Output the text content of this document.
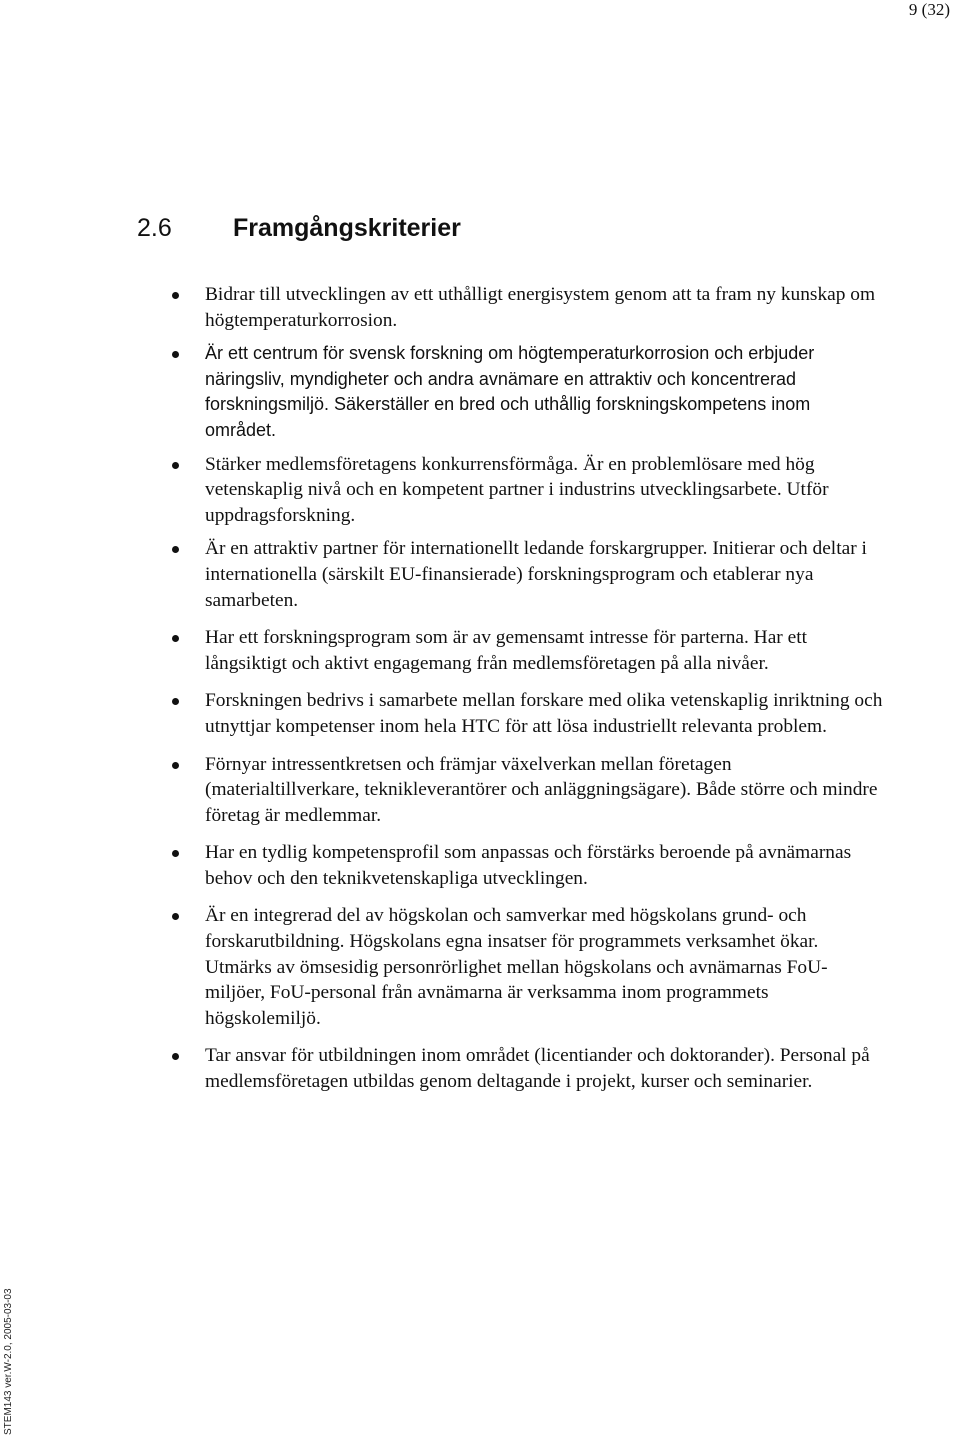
9 (32)
2.6 Framgångskriterier
Bidrar till utvecklingen av ett uthålligt energisystem genom att ta fram ny kunskap om högtemperaturkorrosion.
Är ett centrum för svensk forskning om högtemperaturkorrosion och erbjuder näringsliv, myndigheter och andra avnämare en attraktiv och koncentrerad forskningsmiljö. Säkerställer en bred och uthållig forskningskompetens inom området.
Stärker medlemsföretagens konkurrensförmåga. Är en problemlösare med hög vetenskaplig nivå och en kompetent partner i industrins utvecklingsarbete. Utför uppdragsforskning.
Är en attraktiv partner för internationellt ledande forskargrupper. Initierar och deltar i internationella (särskilt EU-finansierade) forskningsprogram och etablerar nya samarbeten.
Har ett forskningsprogram som är av gemensamt intresse för parterna. Har ett långsiktigt och aktivt engagemang från medlemsföretagen på alla nivåer.
Forskningen bedrivs i samarbete mellan forskare med olika vetenskaplig inriktning och utnyttjar kompetenser inom hela HTC för att lösa industriellt relevanta problem.
Förnyar intressentkretsen och främjar växelverkan mellan företagen (materialtillverkare, teknikleverantörer och anläggningsägare). Både större och mindre företag är medlemmar.
Har en tydlig kompetensprofil som anpassas och förstärks beroende på avnämarnas behov och den teknikvetenskapliga utvecklingen.
Är en integrerad del av högskolan och samverkar med högskolans grund- och forskarutbildning. Högskolans egna insatser för programmets verksamhet ökar. Utmärks av ömsesidig personrörlighet mellan högskolans och avnämarnas FoU-miljöer, FoU-personal från avnämarna är verksamma inom programmets högskolemiljö.
Tar ansvar för utbildningen inom området (licentiander och doktorander). Personal på medlemsföretagen utbildas genom deltagande i projekt, kurser och seminarier.
STEM143 ver.W-2.0, 2005-03-03
